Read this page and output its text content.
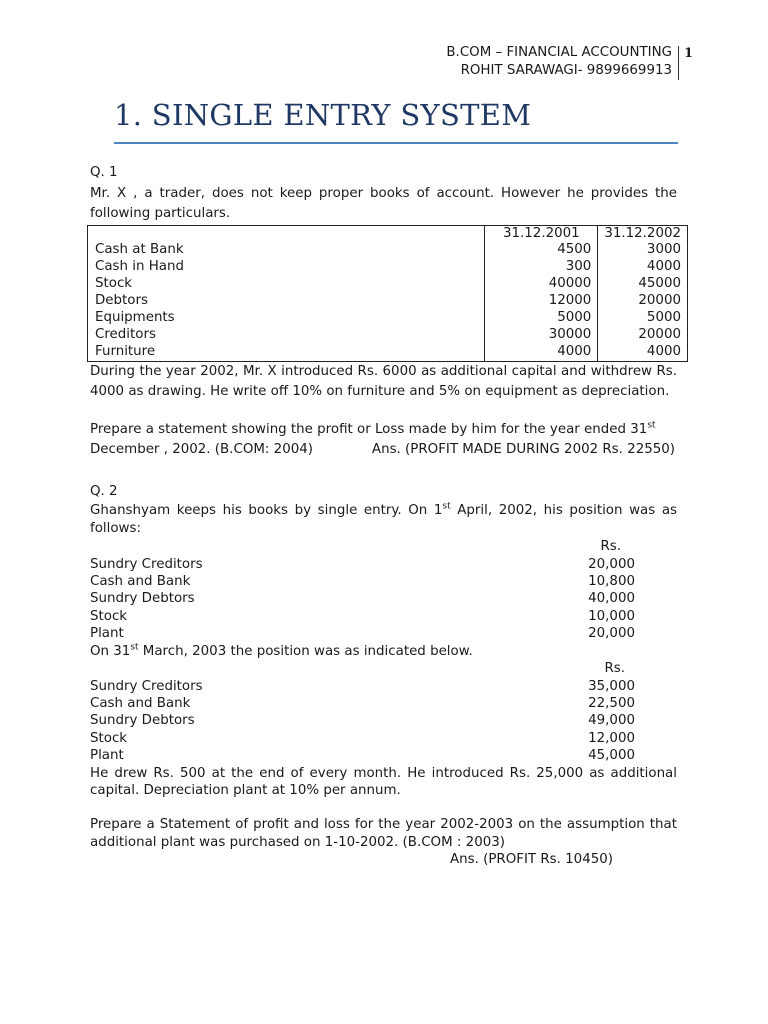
B.COM – FINANCIAL ACCOUNTING
ROHIT SARAWAGI- 9899669913
1
1. SINGLE ENTRY SYSTEM

Q. 1

Mr. X , a trader, does not keep proper books of account. However he provides the following particulars.

	31.12.2001	31.12.2002
Cash at Bank	4500	3000
Cash in Hand	300	4000
Stock	40000	45000
Debtors	12000	20000
Equipments	5000	5000
Creditors	30000	20000
Furniture	4000	4000

During the year 2002, Mr. X introduced Rs. 6000 as additional capital and withdrew Rs. 4000 as drawing. He write off 10% on furniture and 5% on equipment as depreciation.

Prepare a statement showing the profit or Loss made by him for the year ended 31st

December , 2002. (B.COM: 2004)	Ans. (PROFIT MADE DURING 2002 Rs. 22550)

Q. 2

Ghanshyam keeps his books by single entry. On 1st April, 2002, his position was as follows:

Rs.
Sundry Creditors	20,000
Cash and Bank	10,800
Sundry Debtors	40,000
Stock	10,000
Plant	20,000

On 31st March, 2003 the position was as indicated below.

Rs.
Sundry Creditors	35,000
Cash and Bank	22,500
Sundry Debtors	49,000
Stock	12,000
Plant	45,000

He drew Rs. 500 at the end of every month. He introduced Rs. 25,000 as additional capital. Depreciation plant at 10% per annum.

Prepare a Statement of profit and loss for the year 2002-2003 on the assumption that additional plant was purchased on 1-10-2002. (B.COM : 2003)

Ans. (PROFIT Rs. 10450)
